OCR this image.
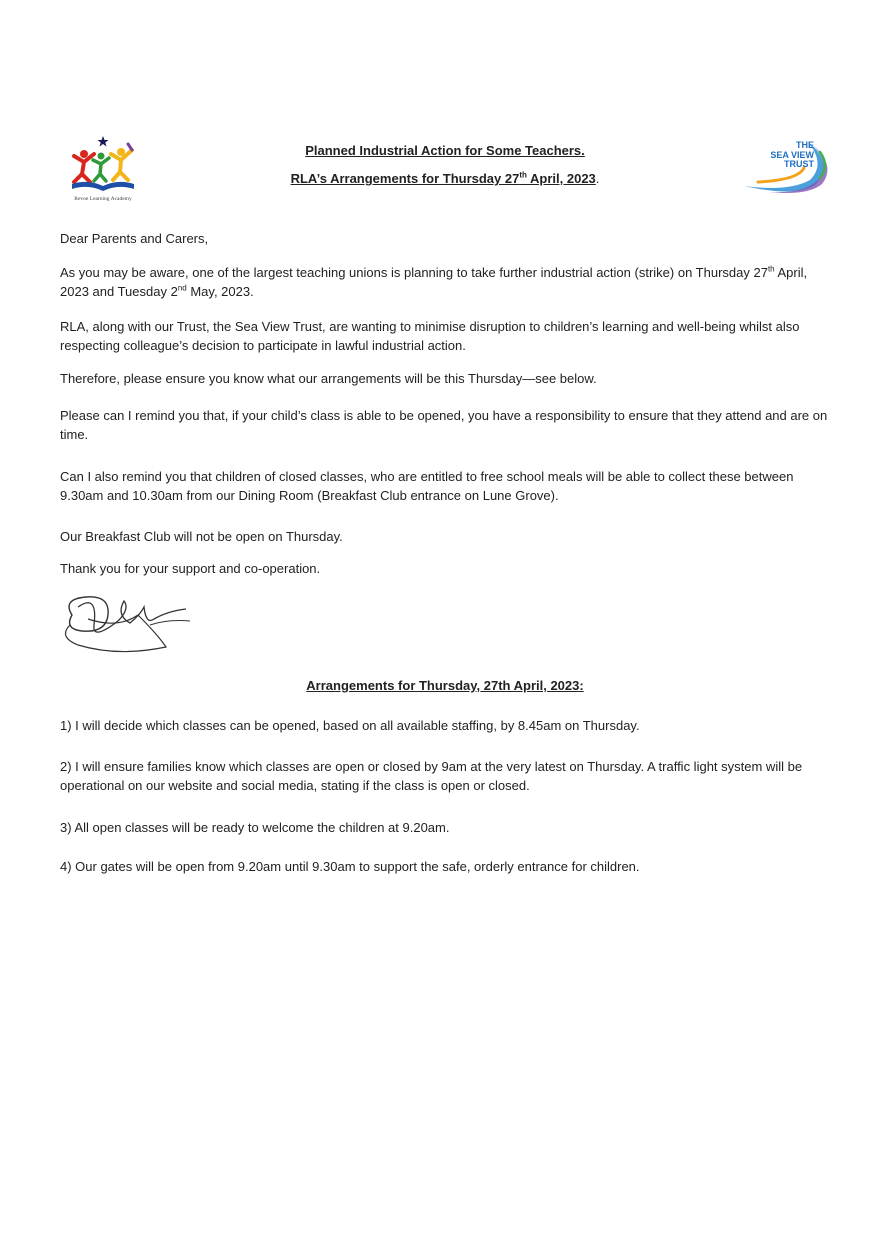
Revoe Learning Academy
THE
SEA VIEW
TRUST
Planned Industrial Action for Some Teachers.
RLA’s Arrangements for Thursday 27th April, 2023.

Dear Parents and Carers,

As you may be aware, one of the largest teaching unions is planning to take further industrial action (strike) on Thursday 27th April, 2023 and Tuesday 2nd May, 2023.

RLA, along with our Trust, the Sea View Trust, are wanting to minimise disruption to children’s learning and well-being whilst also respecting colleague’s decision to participate in lawful industrial action.

Therefore, please ensure you know what our arrangements will be this Thursday—see below.

Please can I remind you that, if your child’s class is able to be opened, you have a responsibility to ensure that they attend and are on time.

Can I also remind you that children of closed classes, who are entitled to free school meals will be able to collect these between 9.30am and 10.30am from our Dining Room (Breakfast Club entrance on Lune Grove).

Our Breakfast Club will not be open on Thursday.

Thank you for your support and co-operation.

Arrangements for Thursday, 27th April, 2023:

1) I will decide which classes can be opened, based on all available staffing, by 8.45am on Thursday.

2) I will ensure families know which classes are open or closed by 9am at the very latest on Thursday. A traffic light system will be operational on our website and social media, stating if the class is open or closed.

3) All open classes will be ready to welcome the children at 9.20am.

4) Our gates will be open from 9.20am until 9.30am to support the safe, orderly entrance for children.
